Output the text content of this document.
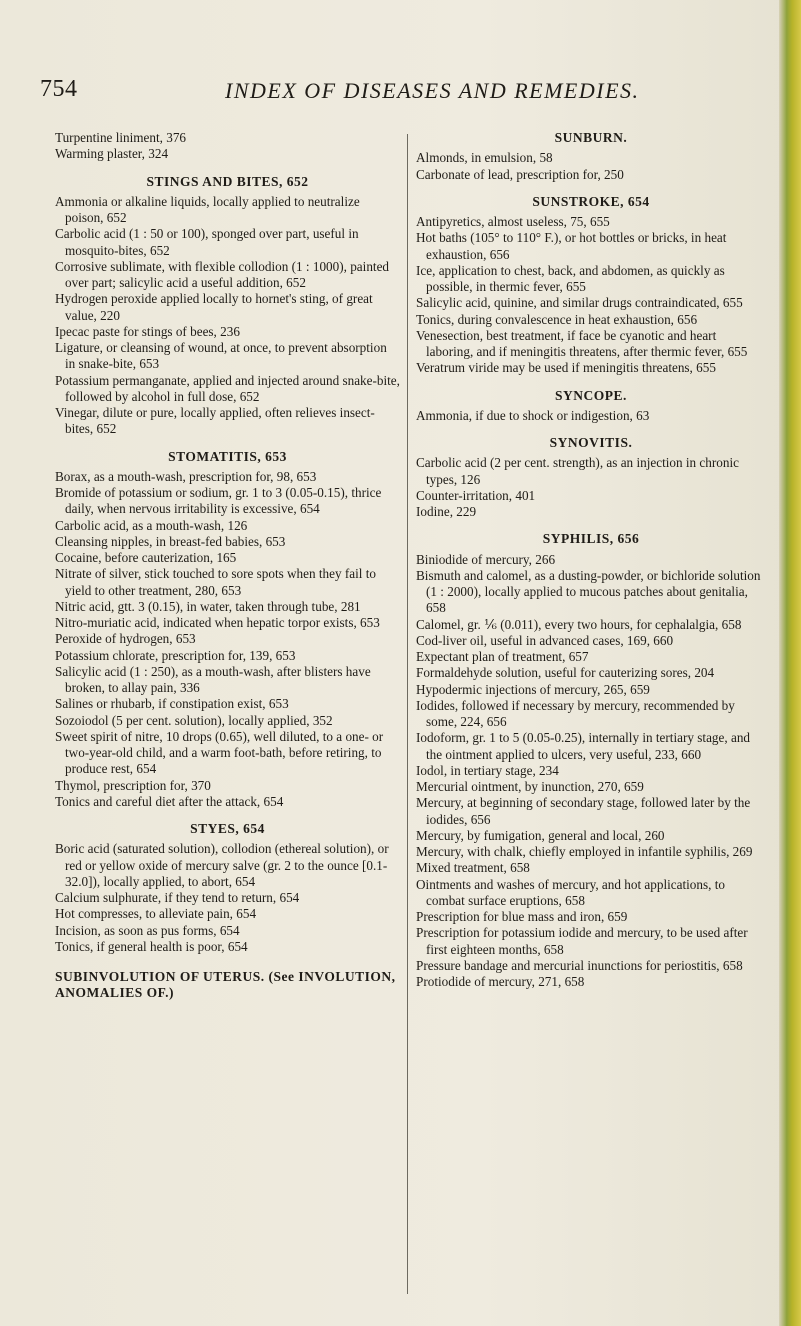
754	INDEX OF DISEASES AND REMEDIES.
Turpentine liniment, 376
Warming plaster, 324
STINGS AND BITES, 652
Ammonia or alkaline liquids, locally applied to neutralize poison, 652
Carbolic acid (1 : 50 or 100), sponged over part, useful in mosquito-bites, 652
Corrosive sublimate, with flexible collodion (1 : 1000), painted over part; salicylic acid a useful addition, 652
Hydrogen peroxide applied locally to hornet's sting, of great value, 220
Ipecac paste for stings of bees, 236
Ligature, or cleansing of wound, at once, to prevent absorption in snake-bite, 653
Potassium permanganate, applied and injected around snake-bite, followed by alcohol in full dose, 652
Vinegar, dilute or pure, locally applied, often relieves insect-bites, 652
STOMATITIS, 653
Borax, as a mouth-wash, prescription for, 98, 653
Bromide of potassium or sodium, gr. 1 to 3 (0.05-0.15), thrice daily, when nervous irritability is excessive, 654
Carbolic acid, as a mouth-wash, 126
Cleansing nipples, in breast-fed babies, 653
Cocaine, before cauterization, 165
Nitrate of silver, stick touched to sore spots when they fail to yield to other treatment, 280, 653
Nitric acid, gtt. 3 (0.15), in water, taken through tube, 281
Nitro-muriatic acid, indicated when hepatic torpor exists, 653
Peroxide of hydrogen, 653
Potassium chlorate, prescription for, 139, 653
Salicylic acid (1 : 250), as a mouth-wash, after blisters have broken, to allay pain, 336
Salines or rhubarb, if constipation exist, 653
Sozoiodol (5 per cent. solution), locally applied, 352
Sweet spirit of nitre, 10 drops (0.65), well diluted, to a one- or two-year-old child, and a warm foot-bath, before retiring, to produce rest, 654
Thymol, prescription for, 370
Tonics and careful diet after the attack, 654
STYES, 654
Boric acid (saturated solution), collodion (ethereal solution), or red or yellow oxide of mercury salve (gr. 2 to the ounce [0.1-32.0]), locally applied, to abort, 654
Calcium sulphurate, if they tend to return, 654
Hot compresses, to alleviate pain, 654
Incision, as soon as pus forms, 654
Tonics, if general health is poor, 654
SUBINVOLUTION OF UTERUS. (See INVOLUTION, ANOMALIES OF.)
SUNBURN.
Almonds, in emulsion, 58
Carbonate of lead, prescription for, 250
SUNSTROKE, 654
Antipyretics, almost useless, 75, 655
Hot baths (105° to 110° F.), or hot bottles or bricks, in heat exhaustion, 656
Ice, application to chest, back, and abdomen, as quickly as possible, in thermic fever, 655
Salicylic acid, quinine, and similar drugs contraindicated, 655
Tonics, during convalescence in heat exhaustion, 656
Venesection, best treatment, if face be cyanotic and heart laboring, and if meningitis threatens, after thermic fever, 655
Veratrum viride may be used if meningitis threatens, 655
SYNCOPE.
Ammonia, if due to shock or indigestion, 63
SYNOVITIS.
Carbolic acid (2 per cent. strength), as an injection in chronic types, 126
Counter-irritation, 401
Iodine, 229
SYPHILIS, 656
Biniodide of mercury, 266
Bismuth and calomel, as a dusting-powder, or bichloride solution (1 : 2000), locally applied to mucous patches about genitalia, 658
Calomel, gr. ⅙ (0.011), every two hours, for cephalalgia, 658
Cod-liver oil, useful in advanced cases, 169, 660
Expectant plan of treatment, 657
Formaldehyde solution, useful for cauterizing sores, 204
Hypodermic injections of mercury, 265, 659
Iodides, followed if necessary by mercury, recommended by some, 224, 656
Iodoform, gr. 1 to 5 (0.05-0.25), internally in tertiary stage, and the ointment applied to ulcers, very useful, 233, 660
Iodol, in tertiary stage, 234
Mercurial ointment, by inunction, 270, 659
Mercury, at beginning of secondary stage, followed later by the iodides, 656
Mercury, by fumigation, general and local, 260
Mercury, with chalk, chiefly employed in infantile syphilis, 269
Mixed treatment, 658
Ointments and washes of mercury, and hot applications, to combat surface eruptions, 658
Prescription for blue mass and iron, 659
Prescription for potassium iodide and mercury, to be used after first eighteen months, 658
Pressure bandage and mercurial inunctions for periostitis, 658
Protiodide of mercury, 271, 658
